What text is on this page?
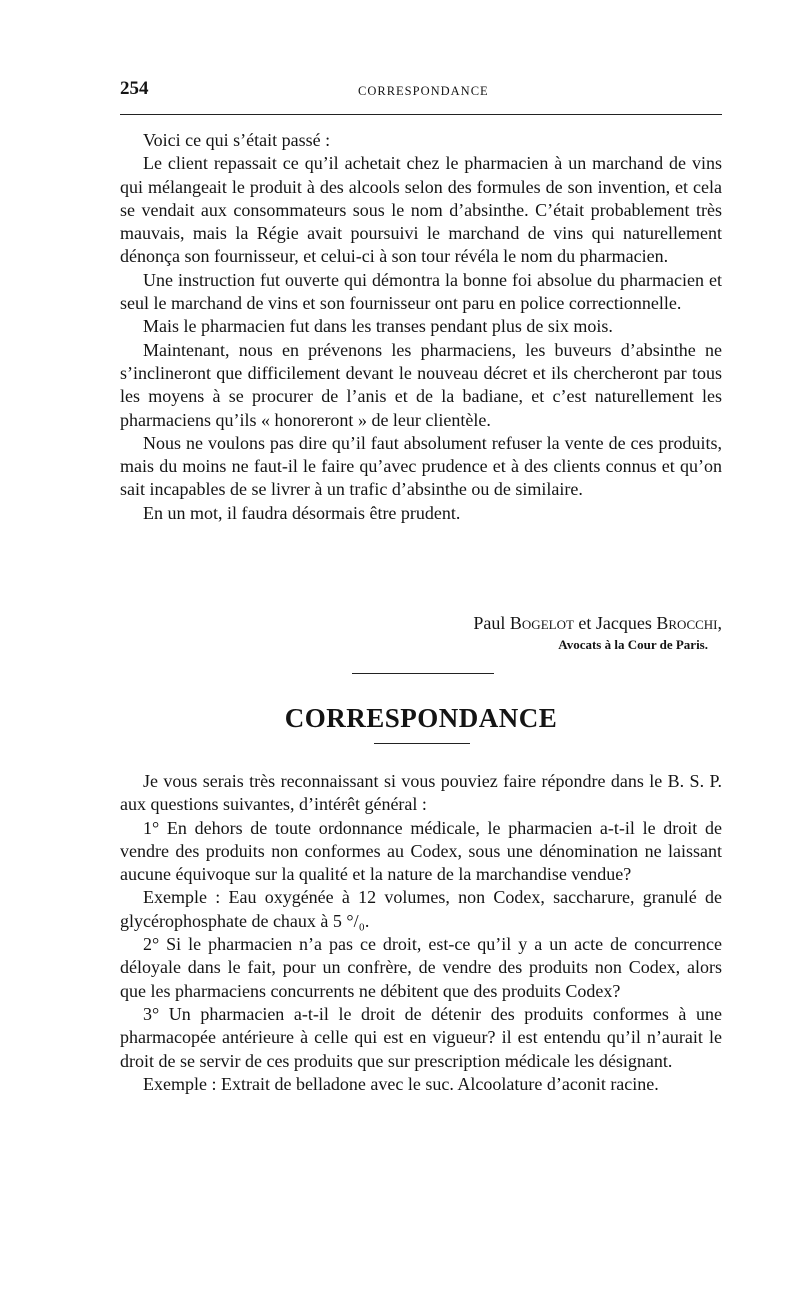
254	CORRESPONDANCE

Voici ce qui s’était passé :

Le client repassait ce qu’il achetait chez le pharmacien à un marchand de vins qui mélangeait le produit à des alcools selon des formules de son invention, et cela se vendait aux consommateurs sous le nom d’absinthe. C’était probablement très mauvais, mais la Régie avait poursuivi le marchand de vins qui naturellement dénonça son fournisseur, et celui-ci à son tour révéla le nom du pharmacien.

Une instruction fut ouverte qui démontra la bonne foi absolue du pharmacien et seul le marchand de vins et son fournisseur ont paru en police correctionnelle.

Mais le pharmacien fut dans les transes pendant plus de six mois.

Maintenant, nous en prévenons les pharmaciens, les buveurs d’absinthe ne s’inclineront que difficilement devant le nouveau décret et ils chercheront par tous les moyens à se procurer de l’anis et de la badiane, et c’est naturellement les pharmaciens qu’ils « honoreront » de leur clientèle.

Nous ne voulons pas dire qu’il faut absolument refuser la vente de ces produits, mais du moins ne faut-il le faire qu’avec prudence et à des clients connus et qu’on sait incapables de se livrer à un trafic d’absinthe ou de similaire.

En un mot, il faudra désormais être prudent.

Paul Bogelot et Jacques Brocchi,
Avocats à la Cour de Paris.
CORRESPONDANCE

Je vous serais très reconnaissant si vous pouviez faire répondre dans le B. S. P. aux questions suivantes, d’intérêt général :

1° En dehors de toute ordonnance médicale, le pharmacien a-t-il le droit de vendre des produits non conformes au Codex, sous une dénomination ne laissant aucune équivoque sur la qualité et la nature de la marchandise vendue?

Exemple : Eau oxygénée à 12 volumes, non Codex, saccharure, granulé de glycérophosphate de chaux à 5 °/₀.

2° Si le pharmacien n’a pas ce droit, est-ce qu’il y a un acte de concurrence déloyale dans le fait, pour un confrère, de vendre des produits non Codex, alors que les pharmaciens concurrents ne débitent que des produits Codex?

3° Un pharmacien a-t-il le droit de détenir des produits conformes à une pharmacopée antérieure à celle qui est en vigueur? il est entendu qu’il n’aurait le droit de se servir de ces produits que sur prescription médicale les désignant.

Exemple : Extrait de belladone avec le suc. Alcoolature d’aconit racine.
